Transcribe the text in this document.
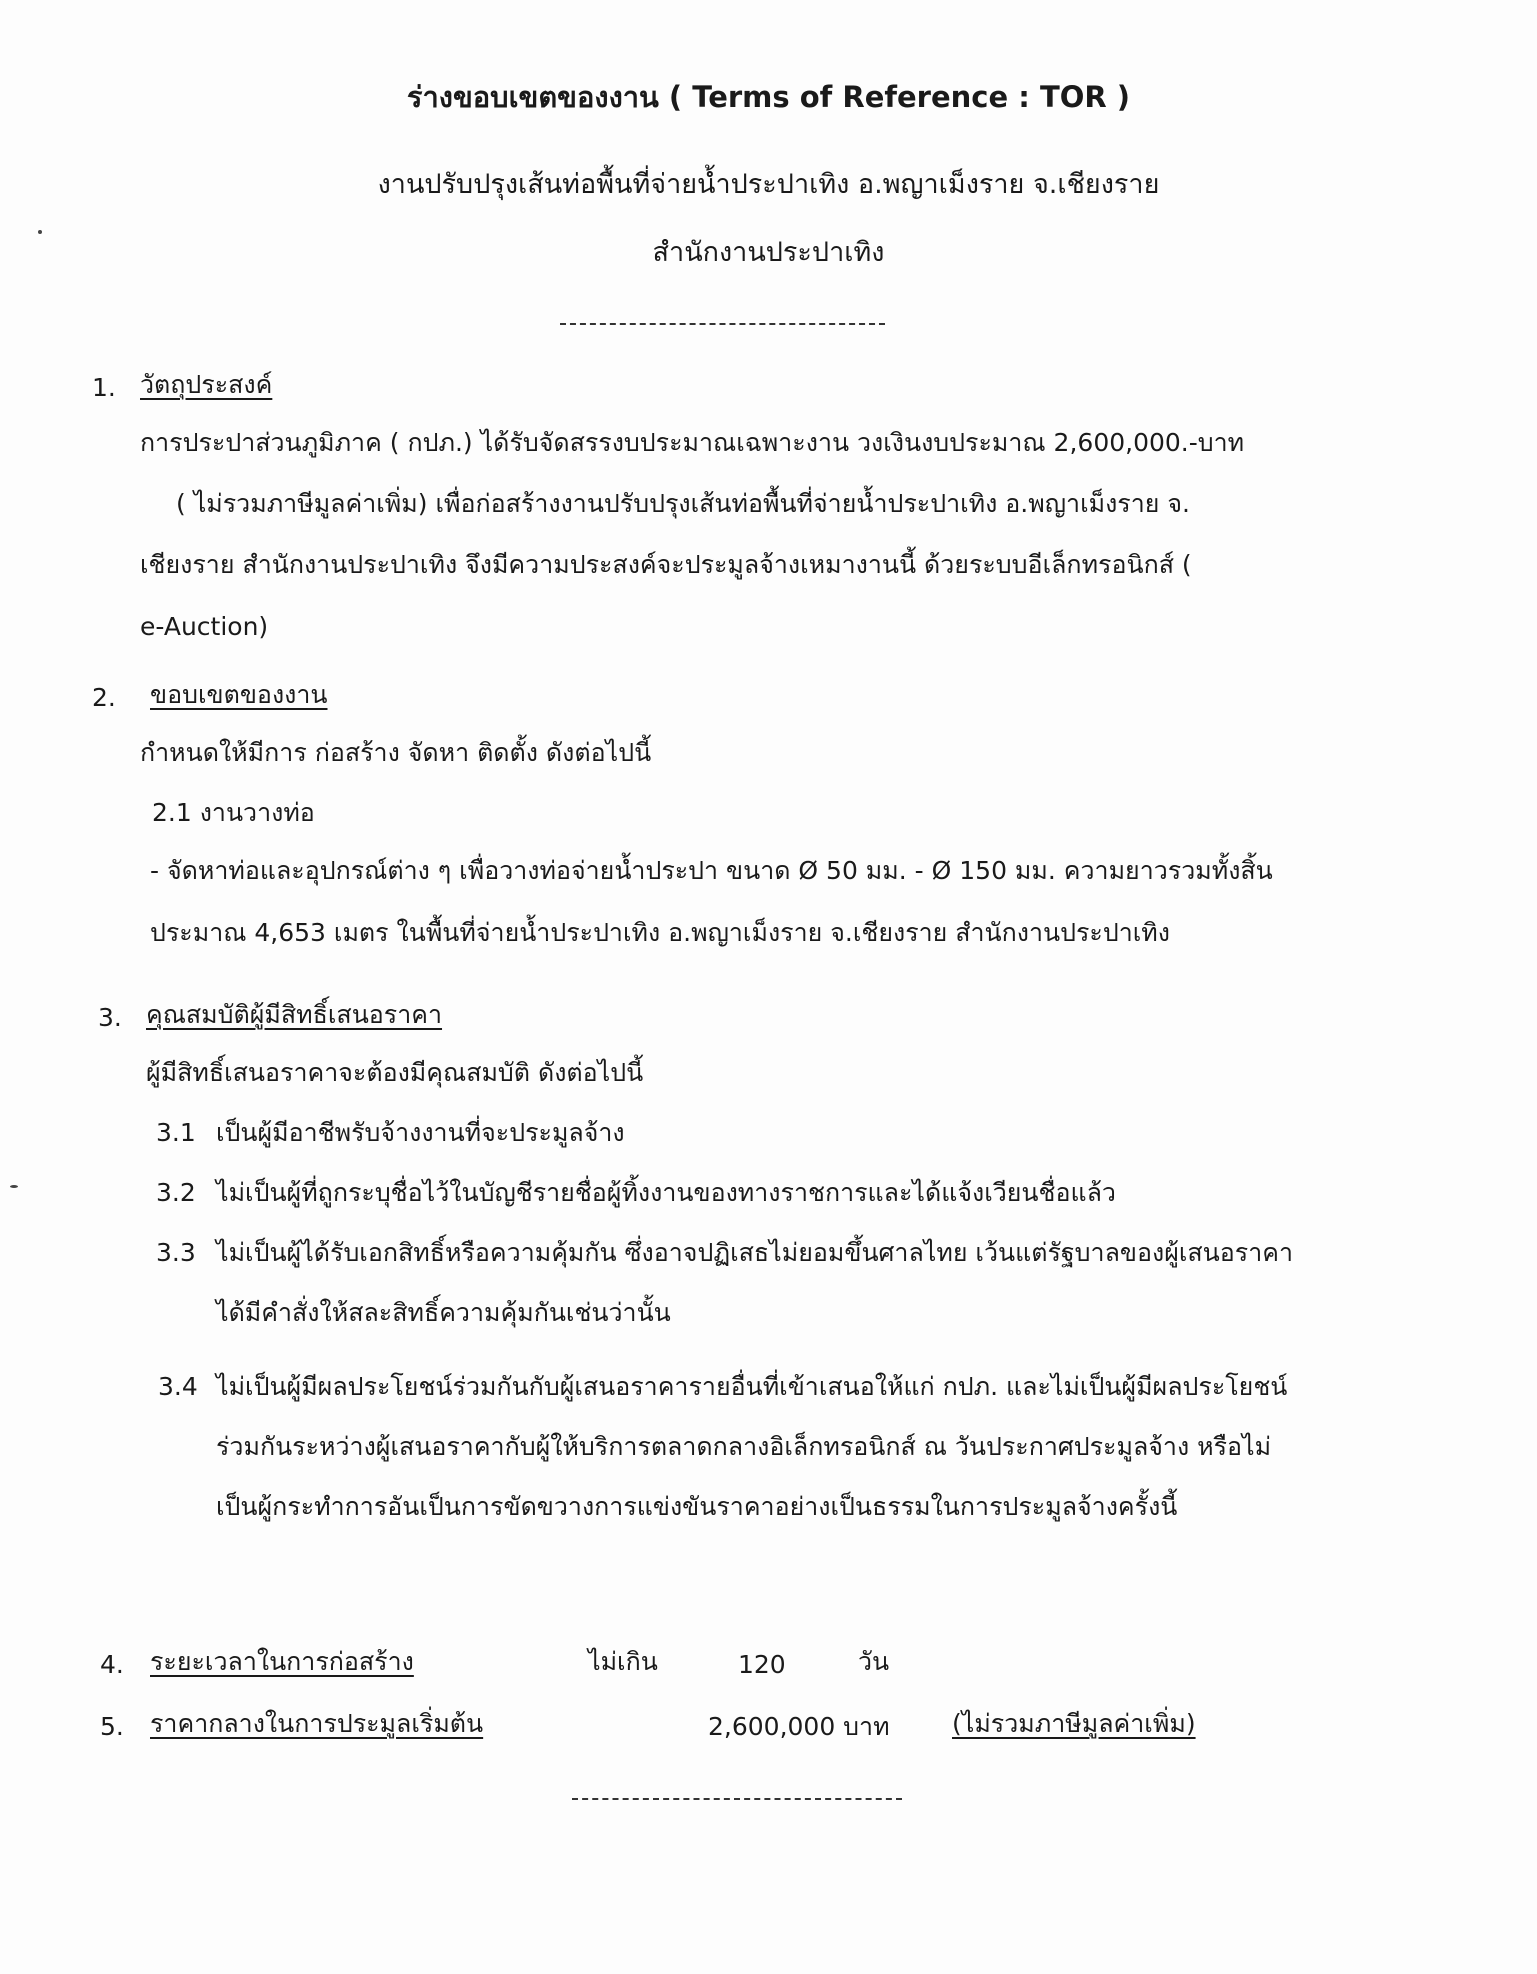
ร่างขอบเขตของงาน ( Terms of Reference : TOR )
งานปรับปรุงเส้นท่อพื้นที่จ่ายน้ำประปาเทิง อ.พญาเม็งราย จ.เชียงราย
สำนักงานประปาเทิง
1. วัตถุประสงค์
การประปาส่วนภูมิภาค ( กปภ.) ได้รับจัดสรรงบประมาณเฉพาะงาน วงเงินงบประมาณ 2,600,000.-บาท
( ไม่รวมภาษีมูลค่าเพิ่ม) เพื่อก่อสร้างงานปรับปรุงเส้นท่อพื้นที่จ่ายน้ำประปาเทิง อ.พญาเม็งราย จ.
เชียงราย สำนักงานประปาเทิง จึงมีความประสงค์จะประมูลจ้างเหมางานนี้ ด้วยระบบอีเล็กทรอนิกส์ (
e-Auction)
2. ขอบเขตของงาน
กำหนดให้มีการ ก่อสร้าง จัดหา ติดตั้ง ดังต่อไปนี้
2.1 งานวางท่อ
- จัดหาท่อและอุปกรณ์ต่าง ๆ เพื่อวางท่อจ่ายน้ำประปา ขนาด Ø 50 มม. - Ø 150 มม. ความยาวรวมทั้งสิ้น
ประมาณ 4,653 เมตร ในพื้นที่จ่ายน้ำประปาเทิง อ.พญาเม็งราย จ.เชียงราย สำนักงานประปาเทิง
3. คุณสมบัติผู้มีสิทธิ์เสนอราคา
ผู้มีสิทธิ์เสนอราคาจะต้องมีคุณสมบัติ ดังต่อไปนี้
3.1 เป็นผู้มีอาชีพรับจ้างงานที่จะประมูลจ้าง
3.2 ไม่เป็นผู้ที่ถูกระบุชื่อไว้ในบัญชีรายชื่อผู้ทิ้งงานของทางราชการและได้แจ้งเวียนชื่อแล้ว
3.3 ไม่เป็นผู้ได้รับเอกสิทธิ์หรือความคุ้มกัน ซึ่งอาจปฏิเสธไม่ยอมขึ้นศาลไทย เว้นแต่รัฐบาลของผู้เสนอราคา
ได้มีคำสั่งให้สละสิทธิ์ความคุ้มกันเช่นว่านั้น
3.4 ไม่เป็นผู้มีผลประโยชน์ร่วมกันกับผู้เสนอราคารายอื่นที่เข้าเสนอให้แก่ กปภ. และไม่เป็นผู้มีผลประโยชน์
ร่วมกันระหว่างผู้เสนอราคากับผู้ให้บริการตลาดกลางอิเล็กทรอนิกส์ ณ วันประกาศประมูลจ้าง หรือไม่
เป็นผู้กระทำการอันเป็นการขัดขวางการแข่งขันราคาอย่างเป็นธรรมในการประมูลจ้างครั้งนี้
4. ระยะเวลาในการก่อสร้าง	ไม่เกิน	120	วัน
5. ราคากลางในการประมูลเริ่มต้น	2,600,000 บาท (ไม่รวมภาษีมูลค่าเพิ่ม)
